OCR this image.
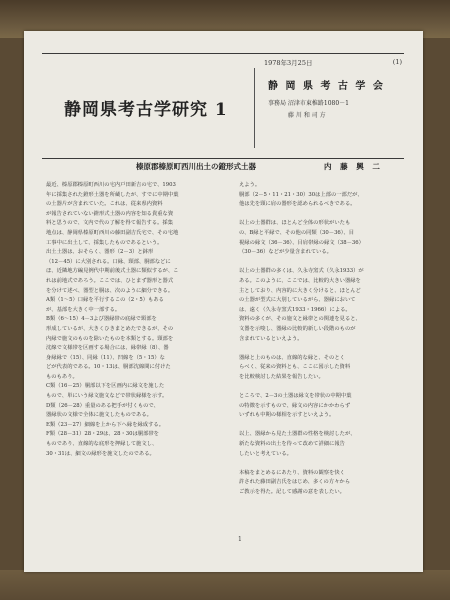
静岡県考古学研究 1
1978年3月25日	(1)
静 岡 県 考 古 学 会
事務局 沼津市東椎路1080－1
藤 川 和 司 方
榛原郡榛原町西川出土の鐙形式土器	内 藤 興 二

最近、榛原郡榛原町西川の宅内戸田新吉の宅で、1903

年に採集された鐙形土器を所蔵したが、すでに中期中葉

の土器片が含まれていた。これは、従来県内資料

が報告されていない鐙形式土器の内容を知る貴重な資

料と思うので、文内で代の了解を得て報告する。採集

地点は、静岡県榛原町西川の藤田副吉氏宅で、その宅地

工事中に出土して、採集したものであるという。

出土土器は、おそらく、器形（2－3）と鉢形

（12－45）に大別される。口縁、頸部、胴部などに

ほ、近隣地方編見例代中期前後式土器に類似するが、こ

れは前地式であろう。ここでは、ひとまず器形と器式

を分けて述べ、器型と胴は、次のように細分できる。

A類（1～5）口縁を平行するこの（2・5）もある

が、基部を大きく中一部する。

B類（6～15）4－3よび器縁帯の底縁で頸部を

形成しているが、大きくひきまとめたできるが、その

内縁で施文のものを除いたものを本類とする。頸部を

沈線で文様帯を区画する場合には、縁帯縁（8）、器

身縁縁で（15）、同縁（11）、凹線を（5・15）な

どが代表的である。10・13は、胴部沈線間に付けた

ものもあり。

C類（16－25）胴部以下を区画内に縁文を施した

もので、単にいう縁文施文などで帯状縁様を示す。

D類（26－28）重量のある把手が付くもので、

器縁状の文様で全体に施文したものである。

E類（23－27）細線を上から下へ縁を縁成する。

F類（28－31）28・29は、28・30は胴部帯を

ものであり、直線的な底形を押縁して施文し、

30・31は、細文の縁形を施文したのである。

えよう。

胴部（2－5・11・21・30）30は上部の一部だが、

他は先を頸に肩の器形を認められるべきである。

以上の土器群は、ほとんど全体の形状がいたも

の、B縁と平縁で、その他の同類（30－36）、目

視縁の縁文（36－36）、目肩帯縁の縁文（38－36）

（30－36）などが少量含まれている。

以上の土器群の多くは、久永寺窯式（久永1933）が

ある。このように、ここでは、比較的大きい器縁を

主としており、内容的に大きく分けると、ほとんど

の土器が型式に大別しているがら、器縁において

は、遠く（久永寺窯式1933・1966）による。

資料の多くが、その施文と縁帯との関連を見ると、

文器を示唆し、器縁の比較的新しい段階のものが

含まれているといえよう。

器縁と上のものは、直線的な縁と、そのとく

らべく、従来の資料とも、ここに図示した資料

を比較検討した結果を報告したい。

ところで、2－3の土器は縁文を帯状の中期中葉

の特徴を示すもので、縁文の内容にかかわらず

いずれも中期の様相を示すといえよう。

以上、器縁から見た土器群の性格を検討したが、

新たな資料の出土を待って改めて詳細に報告

したいと考えている。

本稿をまとめるにあたり、資料の観察を快く

許された藤田副吉氏をはじめ、多くの方々から

ご教示を得た。記して感謝の意を表したい。

1
